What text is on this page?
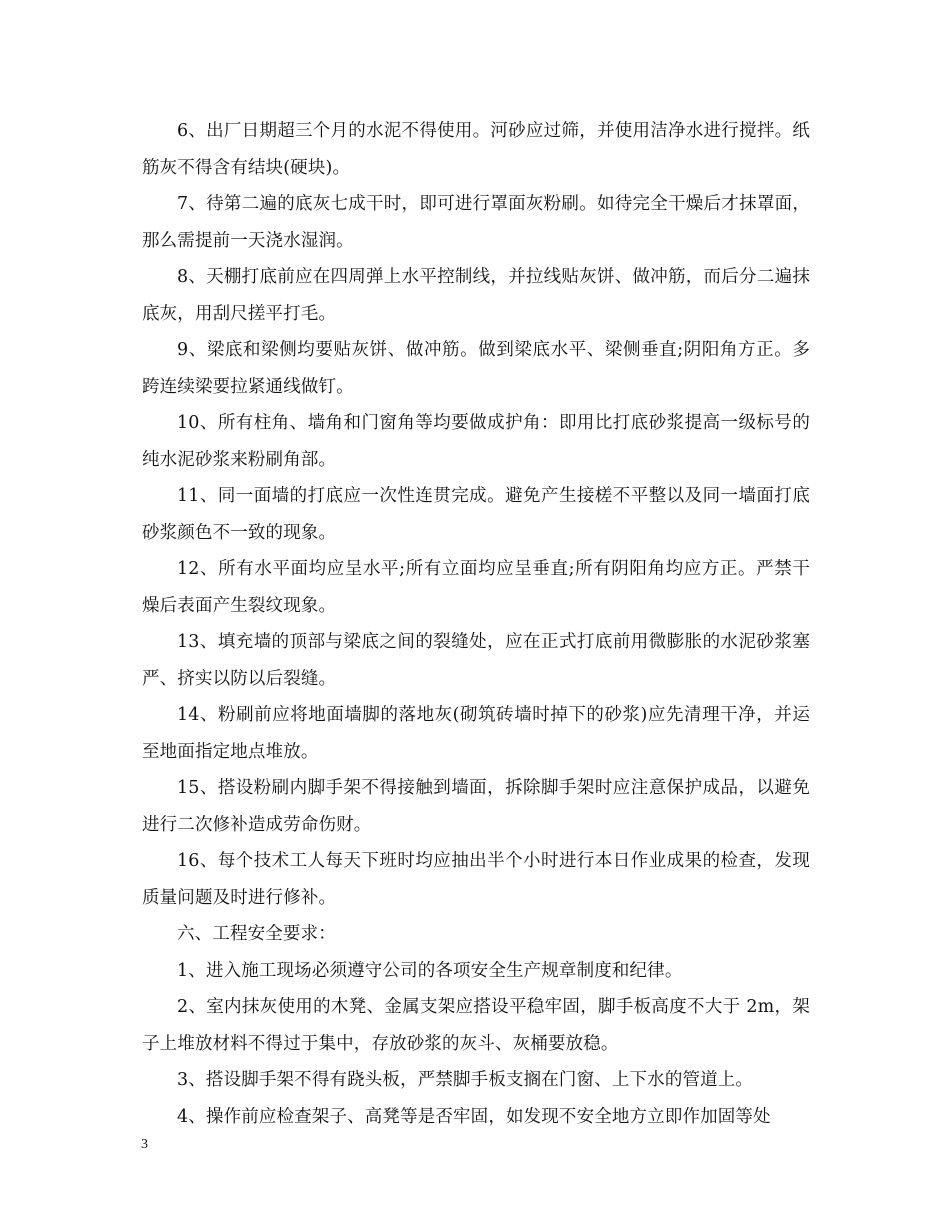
6、出厂日期超三个月的水泥不得使用。河砂应过筛，并使用洁净水进行搅拌。纸筋灰不得含有结块(硬块)。

7、待第二遍的底灰七成干时，即可进行罩面灰粉刷。如待完全干燥后才抹罩面，那么需提前一天浇水湿润。

8、天棚打底前应在四周弹上水平控制线，并拉线贴灰饼、做冲筋，而后分二遍抹底灰，用刮尺搓平打毛。

9、梁底和梁侧均要贴灰饼、做冲筋。做到梁底水平、梁侧垂直;阴阳角方正。多跨连续梁要拉紧通线做钉。

10、所有柱角、墙角和门窗角等均要做成护角：即用比打底砂浆提高一级标号的纯水泥砂浆来粉刷角部。

11、同一面墙的打底应一次性连贯完成。避免产生接槎不平整以及同一墙面打底砂浆颜色不一致的现象。

12、所有水平面均应呈水平;所有立面均应呈垂直;所有阴阳角均应方正。严禁干燥后表面产生裂纹现象。

13、填充墙的顶部与梁底之间的裂缝处，应在正式打底前用微膨胀的水泥砂浆塞严、挤实以防以后裂缝。

14、粉刷前应将地面墙脚的落地灰(砌筑砖墙时掉下的砂浆)应先清理干净，并运至地面指定地点堆放。

15、搭设粉刷内脚手架不得接触到墙面，拆除脚手架时应注意保护成品，以避免进行二次修补造成劳命伤财。

16、每个技术工人每天下班时均应抽出半个小时进行本日作业成果的检查，发现质量问题及时进行修补。

六、工程安全要求：

1、进入施工现场必须遵守公司的各项安全生产规章制度和纪律。

2、室内抹灰使用的木凳、金属支架应搭设平稳牢固，脚手板高度不大于 2m，架子上堆放材料不得过于集中，存放砂浆的灰斗、灰桶要放稳。

3、搭设脚手架不得有跷头板，严禁脚手板支搁在门窗、上下水的管道上。

4、操作前应检查架子、高凳等是否牢固，如发现不安全地方立即作加固等处

3
